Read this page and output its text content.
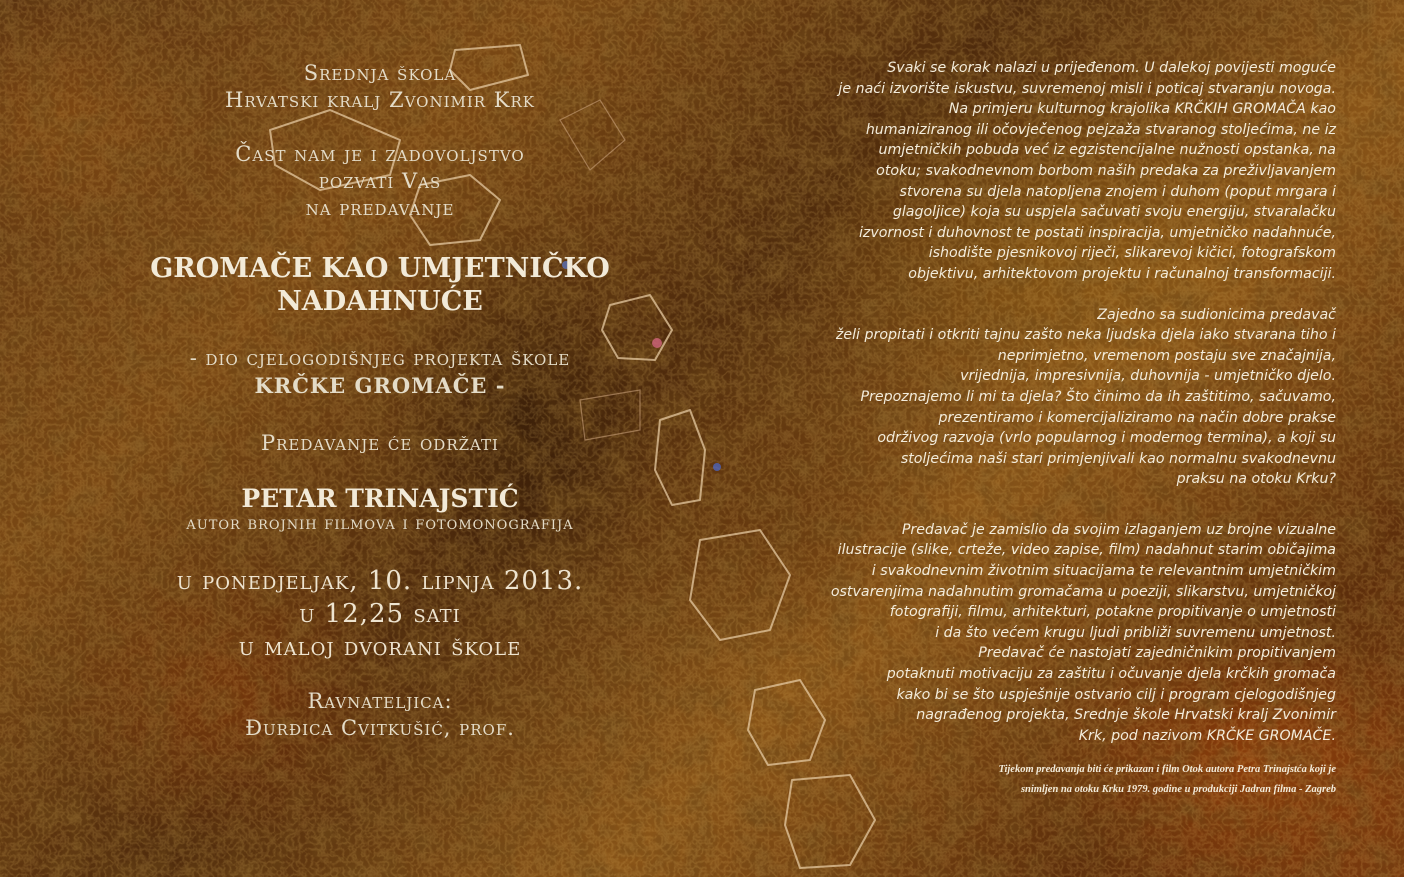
Srednja škola

Hrvatski kralj Zvonimir Krk

Čast nam je i zadovoljstvo

pozvati Vas

na predavanje

GROMAČE KAO UMJETNIČKO

NADAHNUĆE

- dio cjelogodišnjeg projekta škole

KRČKE GROMAČE -

Predavanje će održati

PETAR TRINAJSTIĆ

autor brojnih filmova i fotomonografija

u ponedjeljak, 10. lipnja 2013.

u 12,25 sati

u maloj dvorani škole

Ravnateljica:

Đurđica Cvitkušić, prof.

Svaki se korak nalazi u prijeđenom. U dalekoj povijesti moguće

je naći izvorište iskustvu, suvremenoj misli i poticaj stvaranju novoga.

Na primjeru kulturnog krajolika KRČKIH GROMAČA kao

humaniziranog ili očovječenog pejzaža stvaranog stoljećima, ne iz

umjetničkih pobuda već iz egzistencijalne nužnosti opstanka, na

otoku; svakodnevnom borbom naših predaka za preživljavanjem

stvorena su djela natopljena znojem i duhom (poput mrgara i

glagoljice) koja su uspjela sačuvati svoju energiju, stvaralačku

izvornost i duhovnost te postati inspiracija, umjetničko nadahnuće,

ishodište pjesnikovoj riječi, slikarevoj kičici, fotografskom

objektivu, arhitektovom projektu i računalnoj transformaciji.

Zajedno sa sudionicima predavač

želi propitati i otkriti tajnu zašto neka ljudska djela iako stvarana tiho i

neprimjetno, vremenom postaju sve značajnija,

vrijednija, impresivnija, duhovnija - umjetničko djelo.

Prepoznajemo li mi ta djela? Što činimo da ih zaštitimo, sačuvamo,

prezentiramo i komercijaliziramo na način dobre prakse

održivog razvoja (vrlo popularnog i modernog termina), a koji su

stoljećima naši stari primjenjivali kao normalnu svakodnevnu

praksu na otoku Krku?

Predavač je zamislio da svojim izlaganjem uz brojne vizualne

ilustracije (slike, crteže, video zapise, film) nadahnut starim običajima

i svakodnevnim životnim situacijama te relevantnim umjetničkim

ostvarenjima nadahnutim gromačama u poeziji, slikarstvu, umjetničkoj

fotografiji, filmu, arhitekturi, potakne propitivanje o umjetnosti

i da što većem krugu ljudi približi suvremenu umjetnost.

Predavač će nastojati zajedničnikim propitivanjem

potaknuti motivaciju za zaštitu i očuvanje djela krčkih gromača

kako bi se što uspješnije ostvario cilj i program cjelogodišnjeg

nagrađenog projekta, Srednje škole Hrvatski kralj Zvonimir

Krk, pod nazivom KRČKE GROMAČE.

Tijekom predavanja biti će prikazan i film Otok autora Petra Trinajstća koji je

snimljen na otoku Krku 1979. godine u produkciji Jadran filma - Zagreb
